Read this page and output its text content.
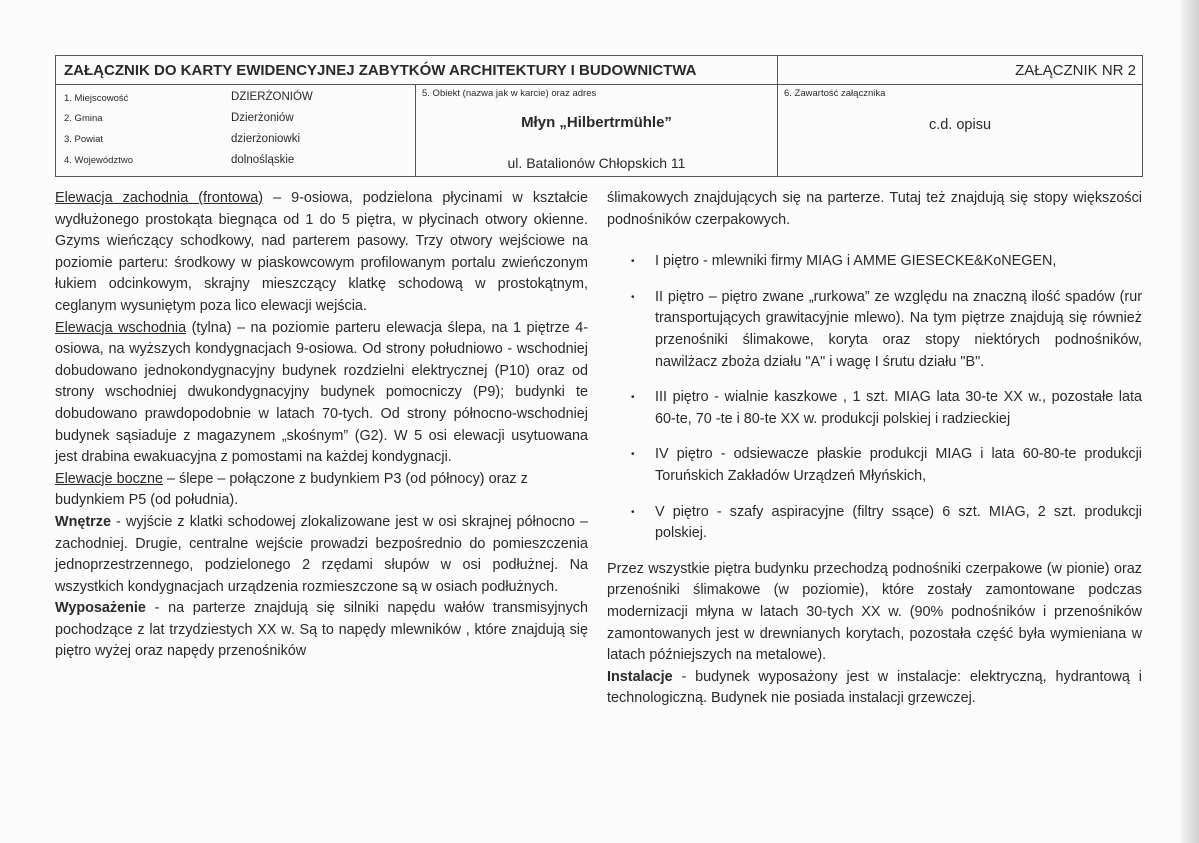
ZAŁĄCZNIK DO KARTY EWIDENCYJNEJ ZABYTKÓW ARCHITEKTURY I BUDOWNICTWA	ZAŁĄCZNIK NR 2
1. Miejscowość	DZIERŻONIÓW
2. Gmina	Dzierżoniów
3. Powiat	dzierżoniowki
4. Województwo	dolnośląskie
5. Obiekt (nazwa jak w karcie) oraz adres
Młyn „Hilbertrmühle”
ul. Batalionów Chłopskich 11
6. Zawartość załącznika
c.d. opisu

Elewacja zachodnia (frontowa) – 9-osiowa, podzielona płycinami w kształcie wydłużonego prostokąta biegnąca od 1 do 5 piętra, w płycinach otwory okienne. Gzyms wieńczący schodkowy, nad parterem pasowy. Trzy otwory wejściowe na poziomie parteru: środkowy w piaskowcowym profilowanym portalu zwieńczonym łukiem odcinkowym, skrajny mieszczący klatkę schodową w prostokątnym, ceglanym wysuniętym poza lico elewacji wejścia.

Elewacja wschodnia (tylna) – na poziomie parteru elewacja ślepa, na 1 piętrze 4-osiowa, na wyższych kondygnacjach 9-osiowa. Od strony południowo - wschodniej dobudowano jednokondygnacyjny budynek rozdzielni elektrycznej (P10) oraz od strony wschodniej dwukondygnacyjny budynek pomocniczy (P9); budynki te dobudowano prawdopodobnie w latach 70-tych. Od strony północno-wschodniej budynek sąsiaduje z magazynem „skośnym” (G2). W 5 osi elewacji usytuowana jest drabina ewakuacyjna z pomostami na każdej kondygnacji.

Elewacje boczne – ślepe – połączone z budynkiem P3 (od północy) oraz z budynkiem P5 (od południa).

Wnętrze - wyjście z klatki schodowej zlokalizowane jest w osi skrajnej północno – zachodniej. Drugie, centralne wejście prowadzi bezpośrednio do pomieszczenia jednoprzestrzennego, podzielonego 2 rzędami słupów w osi podłużnej. Na wszystkich kondygnacjach urządzenia rozmieszczone są w osiach podłużnych.

Wyposażenie - na parterze znajdują się silniki napędu wałów transmisyjnych pochodzące z lat trzydziestych XX w. Są to napędy mlewników , które znajdują się piętro wyżej oraz napędy przenośników

ślimakowych znajdujących się na parterze. Tutaj też znajdują się stopy większości podnośników czerpakowych.

• I piętro - mlewniki firmy MIAG i AMME GIESECKE&KoNEGEN,
• II piętro – piętro zwane „rurkowa” ze względu na znaczną ilość spadów (rur transportujących grawitacyjnie mlewo). Na tym piętrze znajdują się również przenośniki ślimakowe, koryta oraz stopy niektórych podnośników, nawilżacz zboża działu "A" i wagę I śrutu działu "B".
• III piętro - wialnie kaszkowe , 1 szt. MIAG lata 30-te XX w., pozostałe lata 60-te, 70 -te i 80-te XX w. produkcji polskiej i radzieckiej
• IV piętro - odsiewacze płaskie produkcji MIAG i lata 60-80-te produkcji Toruńskich Zakładów Urządzeń Młyńskich,
• V piętro - szafy aspiracyjne (filtry ssące) 6 szt. MIAG, 2 szt. produkcji polskiej.

Przez wszystkie piętra budynku przechodzą podnośniki czerpakowe (w pionie) oraz przenośniki ślimakowe (w poziomie), które zostały zamontowane podczas modernizacji młyna w latach 30-tych XX w. (90% podnośników i przenośników zamontowanych jest w drewnianych korytach, pozostała część była wymieniana w latach późniejszych na metalowe).

Instalacje - budynek wyposażony jest w instalacje: elektryczną, hydrantową i technologiczną. Budynek nie posiada instalacji grzewczej.
